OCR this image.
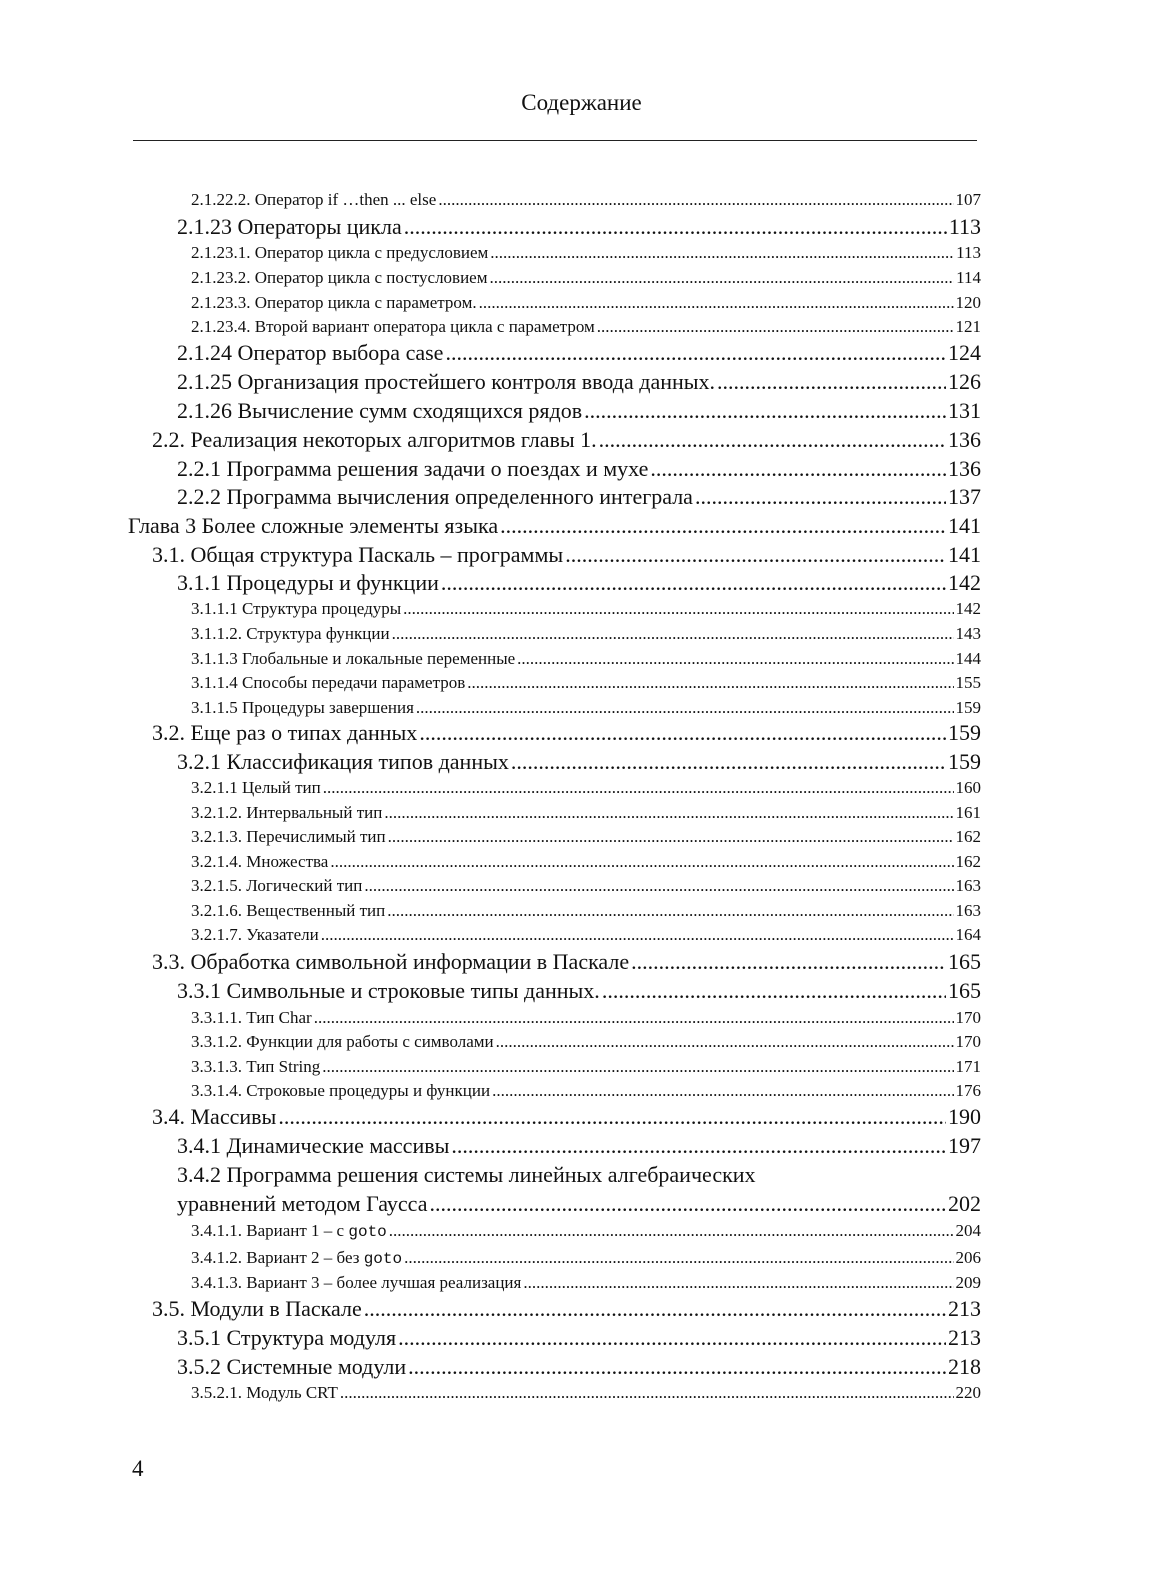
Содержание
2.1.22.2. Оператор if …then ... else .....	107
2.1.23 Операторы цикла .....	113
2.1.23.1. Оператор цикла с предусловием .....	113
2.1.23.2. Оператор цикла с постусловием .....	114
2.1.23.3. Оператор цикла с параметром. .....	120
2.1.23.4. Второй вариант оператора цикла с параметром .....	121
2.1.24 Оператор выбора case .....	124
2.1.25 Организация простейшего контроля ввода данных. .....	126
2.1.26 Вычисление сумм сходящихся рядов .....	131
2.2. Реализация некоторых алгоритмов главы 1. .....	136
2.2.1 Программа решения задачи о поездах и мухе .....	136
2.2.2 Программа вычисления определенного интеграла .....	137
Глава 3 Более сложные элементы языка .....	141
3.1. Общая структура Паскаль – программы .....	141
3.1.1 Процедуры и функции .....	142
3.1.1.1 Структура процедуры .....	142
3.1.1.2. Структура функции .....	143
3.1.1.3 Глобальные и локальные переменные .....	144
3.1.1.4 Способы передачи параметров .....	155
3.1.1.5 Процедуры завершения .....	159
3.2. Еще раз о типах данных .....	159
3.2.1 Классификация типов данных .....	159
3.2.1.1 Целый тип .....	160
3.2.1.2. Интервальный тип .....	161
3.2.1.3. Перечислимый тип .....	162
3.2.1.4. Множества .....	162
3.2.1.5. Логический тип .....	163
3.2.1.6. Вещественный тип .....	163
3.2.1.7. Указатели .....	164
3.3. Обработка символьной информации в Паскале .....	165
3.3.1 Символьные и строковые типы данных. .....	165
3.3.1.1. Тип Char .....	170
3.3.1.2. Функции для работы с символами .....	170
3.3.1.3. Тип String .....	171
3.3.1.4. Строковые процедуры и функции .....	176
3.4. Массивы .....	190
3.4.1 Динамические массивы .....	197
3.4.2 Программа решения системы линейных алгебраических
уравнений методом Гаусса .....	202
3.4.1.1. Вариант 1 – с goto .....	204
3.4.1.2. Вариант 2 – без goto .....	206
3.4.1.3. Вариант 3 – более лучшая реализация .....	209
3.5. Модули в Паскале .....	213
3.5.1 Структура модуля .....	213
3.5.2 Системные модули .....	218
3.5.2.1. Модуль CRT .....	220
4
